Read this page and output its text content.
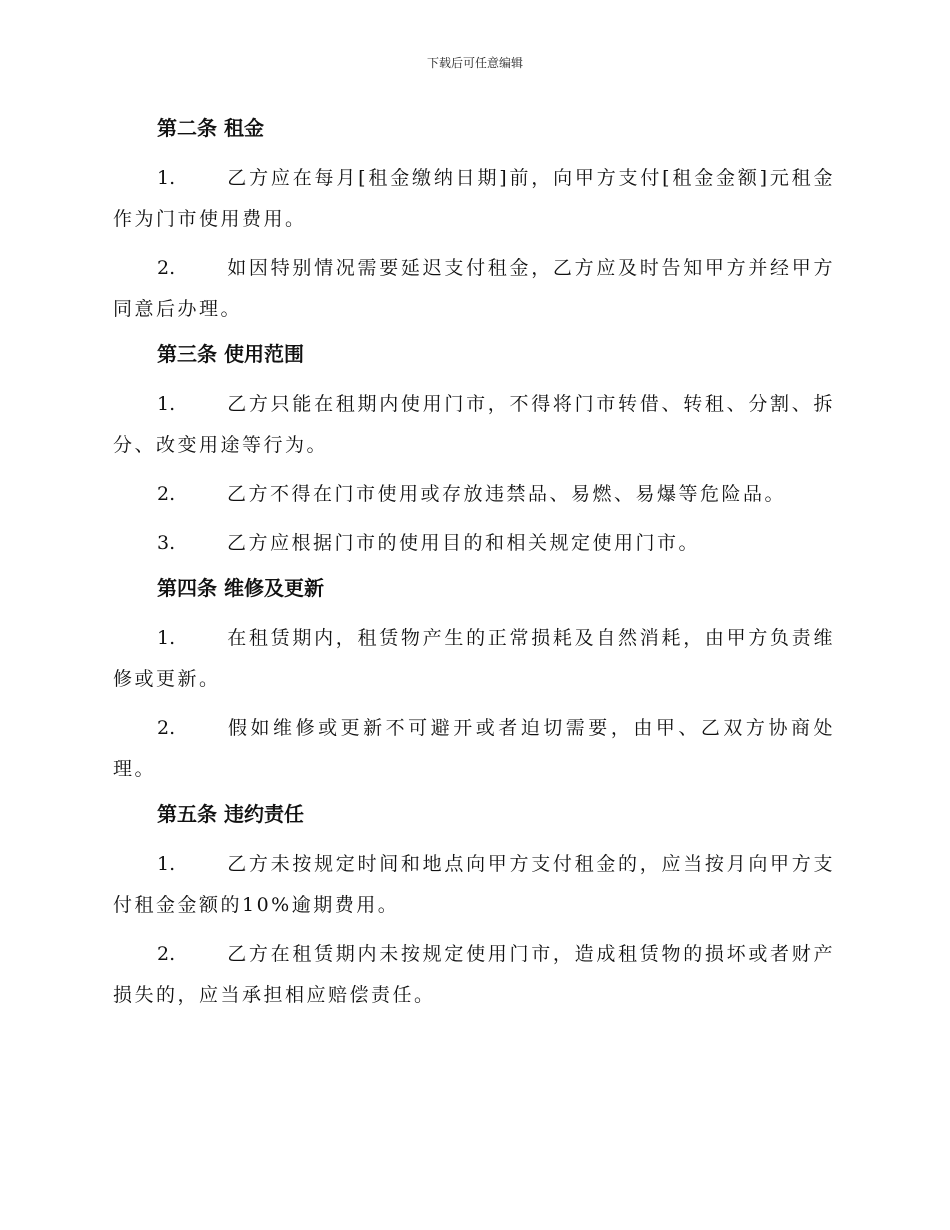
下载后可任意编辑
第二条 租金

1.	乙方应在每月[租金缴纳日期]前，向甲方支付[租金金额]元租金作为门市使用费用。

2.	如因特别情况需要延迟支付租金，乙方应及时告知甲方并经甲方同意后办理。

第三条 使用范围

1.	乙方只能在租期内使用门市，不得将门市转借、转租、分割、拆分、改变用途等行为。

2.	乙方不得在门市使用或存放违禁品、易燃、易爆等危险品。

3.	乙方应根据门市的使用目的和相关规定使用门市。

第四条 维修及更新

1.	在租赁期内，租赁物产生的正常损耗及自然消耗，由甲方负责维修或更新。

2.	假如维修或更新不可避开或者迫切需要，由甲、乙双方协商处理。

第五条 违约责任

1.	乙方未按规定时间和地点向甲方支付租金的，应当按月向甲方支付租金金额的10%逾期费用。

2.	乙方在租赁期内未按规定使用门市，造成租赁物的损坏或者财产损失的，应当承担相应赔偿责任。
